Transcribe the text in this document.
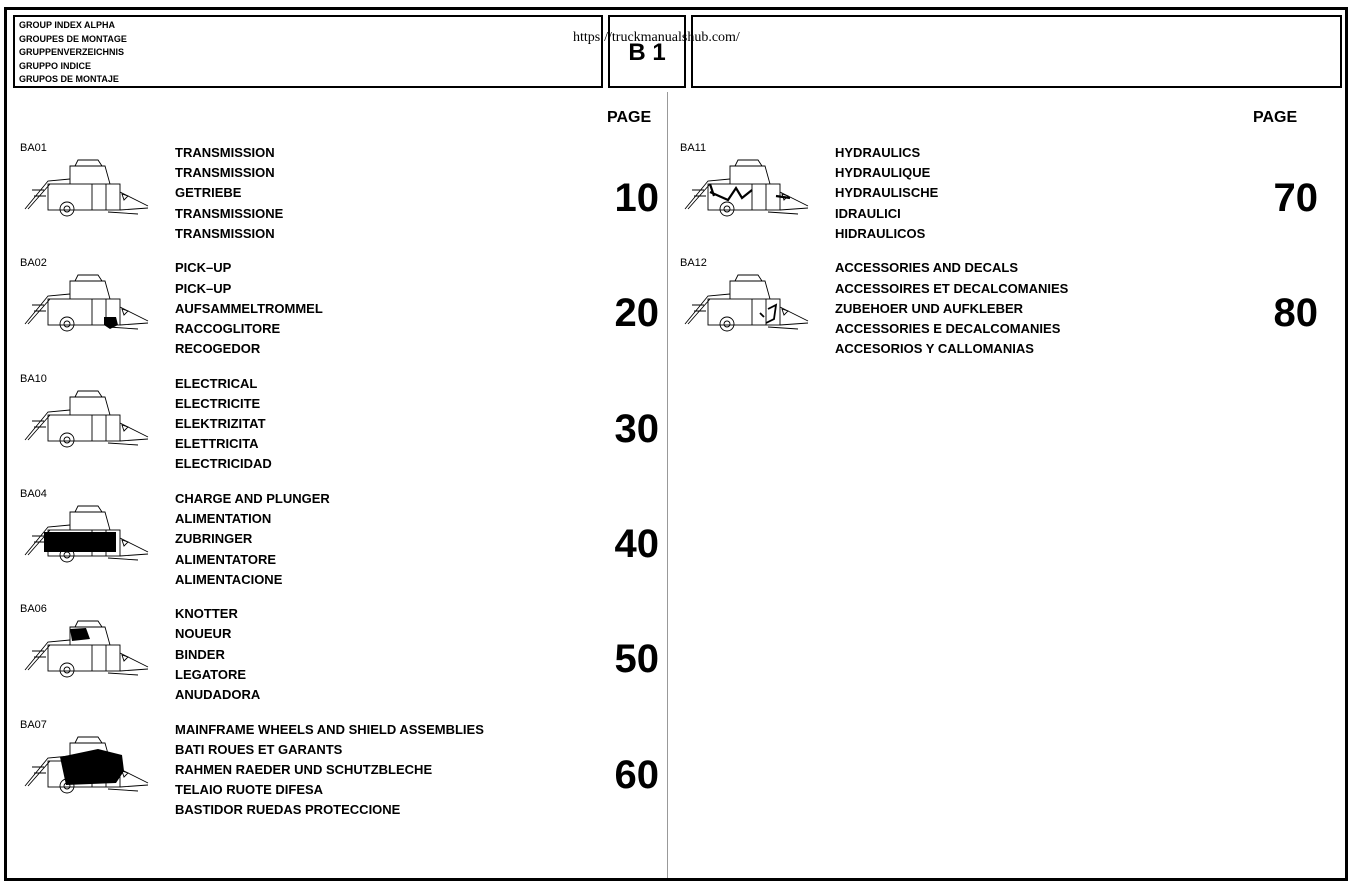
GROUP INDEX ALPHA
GROUPES DE MONTAGE
GRUPPENVERZEICHNIS
GRUPPO INDICE
GRUPOS DE MONTAJE
B 1
https://truckmanualshub.com/
PAGE	PAGE
BA01	TRANSMISSION
TRANSMISSION
GETRIEBE
TRANSMISSIONE
TRANSMISSION
10
BA02	PICK–UP
PICK–UP
AUFSAMMELTROMMEL
RACCOGLITORE
RECOGEDOR
20
BA10	ELECTRICAL
ELECTRICITE
ELEKTRIZITAT
ELETTRICITA
ELECTRICIDAD
30
BA04	CHARGE AND PLUNGER
ALIMENTATION
ZUBRINGER
ALIMENTATORE
ALIMENTACIONE
40
BA06	KNOTTER
NOUEUR
BINDER
LEGATORE
ANUDADORA
50
BA07	MAINFRAME WHEELS AND SHIELD ASSEMBLIES
BATI ROUES ET GARANTS
RAHMEN RAEDER UND SCHUTZBLECHE
TELAIO RUOTE DIFESA
BASTIDOR RUEDAS PROTECCIONE
60
BA11	HYDRAULICS
HYDRAULIQUE
HYDRAULISCHE
IDRAULICI
HIDRAULICOS
70
BA12	ACCESSORIES AND DECALS
ACCESSOIRES ET DECALCOMANIES
ZUBEHOER UND AUFKLEBER
ACCESSORIES E DECALCOMANIES
ACCESORIOS Y CALLOMANIAS
80
